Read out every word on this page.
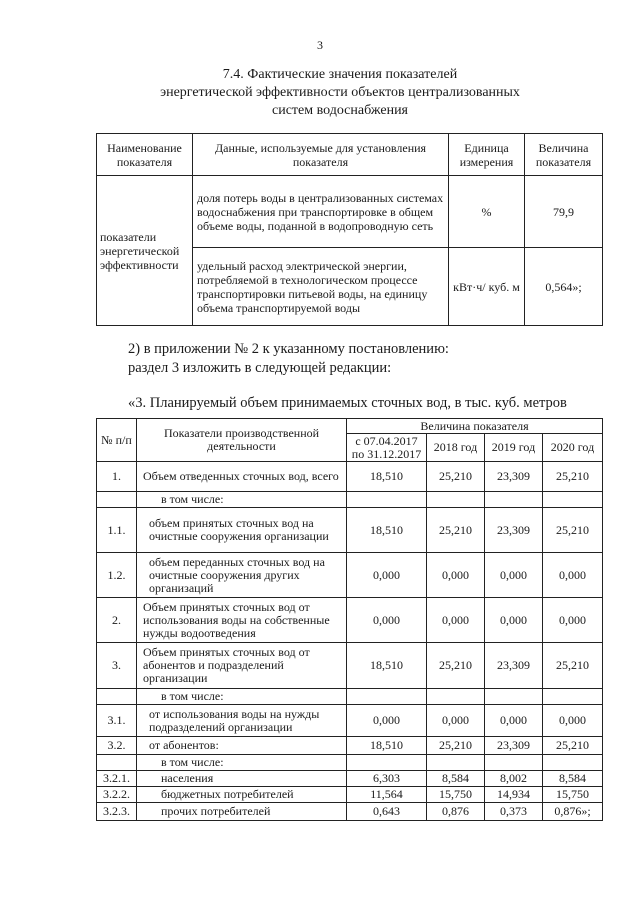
3
7.4. Фактические значения показателей
энергетической эффективности объектов централизованных
систем водоснабжения
Наименование показателя	Данные, используемые для установления показателя	Единица измерения	Величина показателя
показатели энергетической эффективности	доля потерь воды в централизованных системах водоснабжения при транспортировке в общем объеме воды, поданной в водопроводную сеть	%	79,9
	удельный расход электрической энергии, потребляемой в технологическом процессе транспортировки питьевой воды, на единицу объема транспортируемой воды	кВт·ч/ куб. м	0,564»;
2) в приложении № 2 к указанному постановлению:
раздел 3 изложить в следующей редакции:
«3. Планируемый объем принимаемых сточных вод, в тыс. куб. метров
№ п/п	Показатели производственной деятельности	Величина показателя			
		с 07.04.2017 по 31.12.2017	2018 год	2019 год	2020 год
1.	Объем отведенных сточных вод, всего	18,510	25,210	23,309	25,210
	в том числе:				
1.1.	объем принятых сточных вод на очистные сооружения организации	18,510	25,210	23,309	25,210
1.2.	объем переданных сточных вод на очистные сооружения других организаций	0,000	0,000	0,000	0,000
2.	Объем принятых сточных вод от использования воды на собственные нужды водоотведения	0,000	0,000	0,000	0,000
3.	Объем принятых сточных вод от абонентов и подразделений организации	18,510	25,210	23,309	25,210
	в том числе:				
3.1.	от использования воды на нужды подразделений организации	0,000	0,000	0,000	0,000
3.2.	от абонентов:	18,510	25,210	23,309	25,210
	в том числе:				
3.2.1.	населения	6,303	8,584	8,002	8,584
3.2.2.	бюджетных потребителей	11,564	15,750	14,934	15,750
3.2.3.	прочих потребителей	0,643	0,876	0,373	0,876»;
